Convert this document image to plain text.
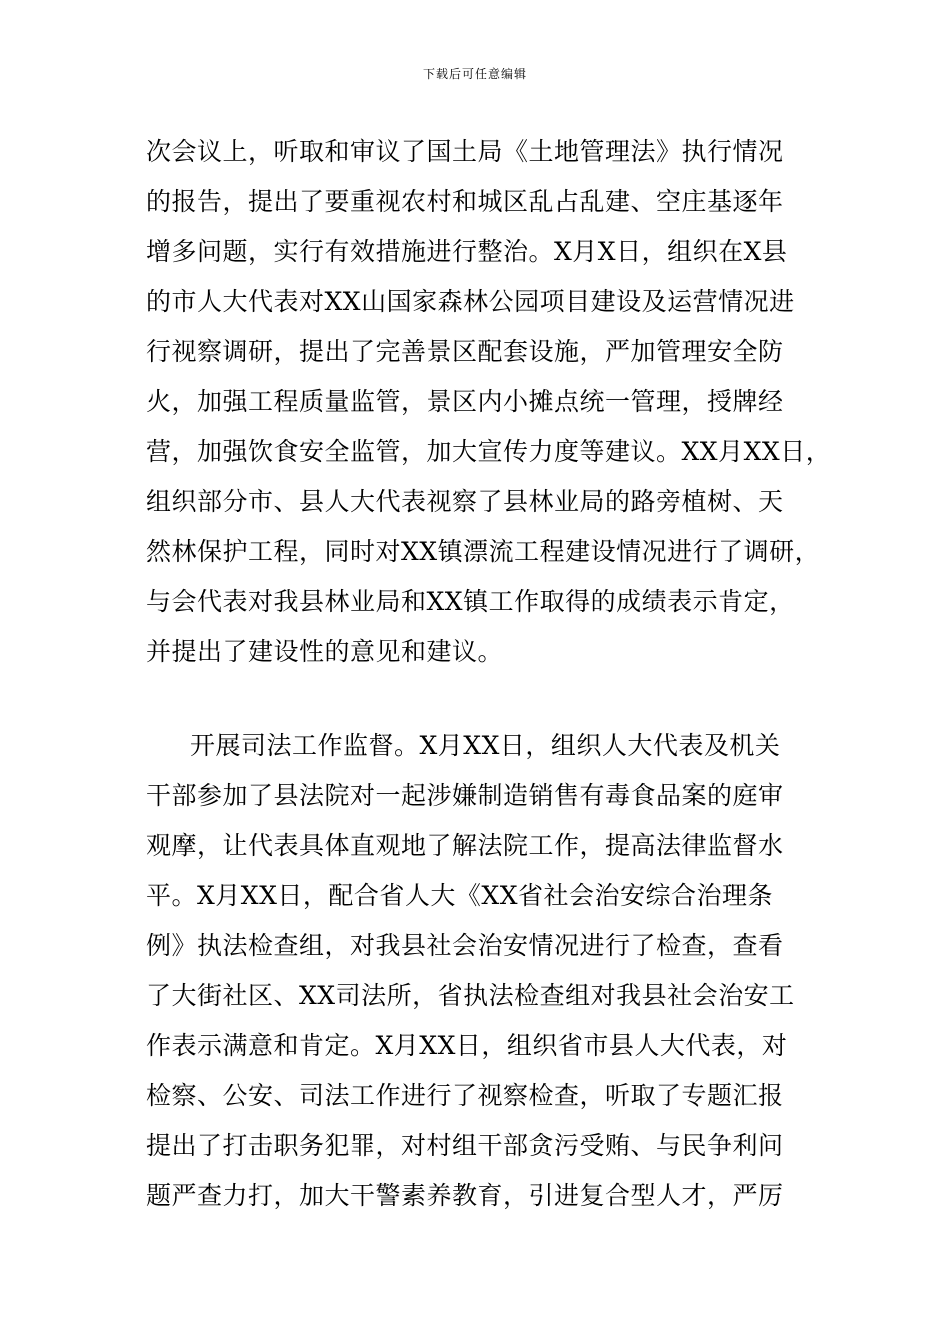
下载后可任意编辑
次会议上，听取和审议了国土局《土地管理法》执行情况
的报告，提出了要重视农村和城区乱占乱建、空庄基逐年
增多问题，实行有效措施进行整治。X月X日，组织在X县
的市人大代表对XX山国家森林公园项目建设及运营情况进
行视察调研，提出了完善景区配套设施，严加管理安全防
火，加强工程质量监管，景区内小摊点统一管理，授牌经
营，加强饮食安全监管，加大宣传力度等建议。XX月XX日，
组织部分市、县人大代表视察了县林业局的路旁植树、天
然林保护工程，同时对XX镇漂流工程建设情况进行了调研，
与会代表对我县林业局和XX镇工作取得的成绩表示肯定，
并提出了建设性的意见和建议。
开展司法工作监督。X月XX日，组织人大代表及机关
干部参加了县法院对一起涉嫌制造销售有毒食品案的庭审
观摩，让代表具体直观地了解法院工作，提高法律监督水
平。X月XX日，配合省人大《XX省社会治安综合治理条
例》执法检查组，对我县社会治安情况进行了检查，查看
了大街社区、XX司法所，省执法检查组对我县社会治安工
作表示满意和肯定。X月XX日，组织省市县人大代表，对
检察、公安、司法工作进行了视察检查，听取了专题汇报
提出了打击职务犯罪，对村组干部贪污受贿、与民争利问
题严查力打，加大干警素养教育，引进复合型人才，严厉
